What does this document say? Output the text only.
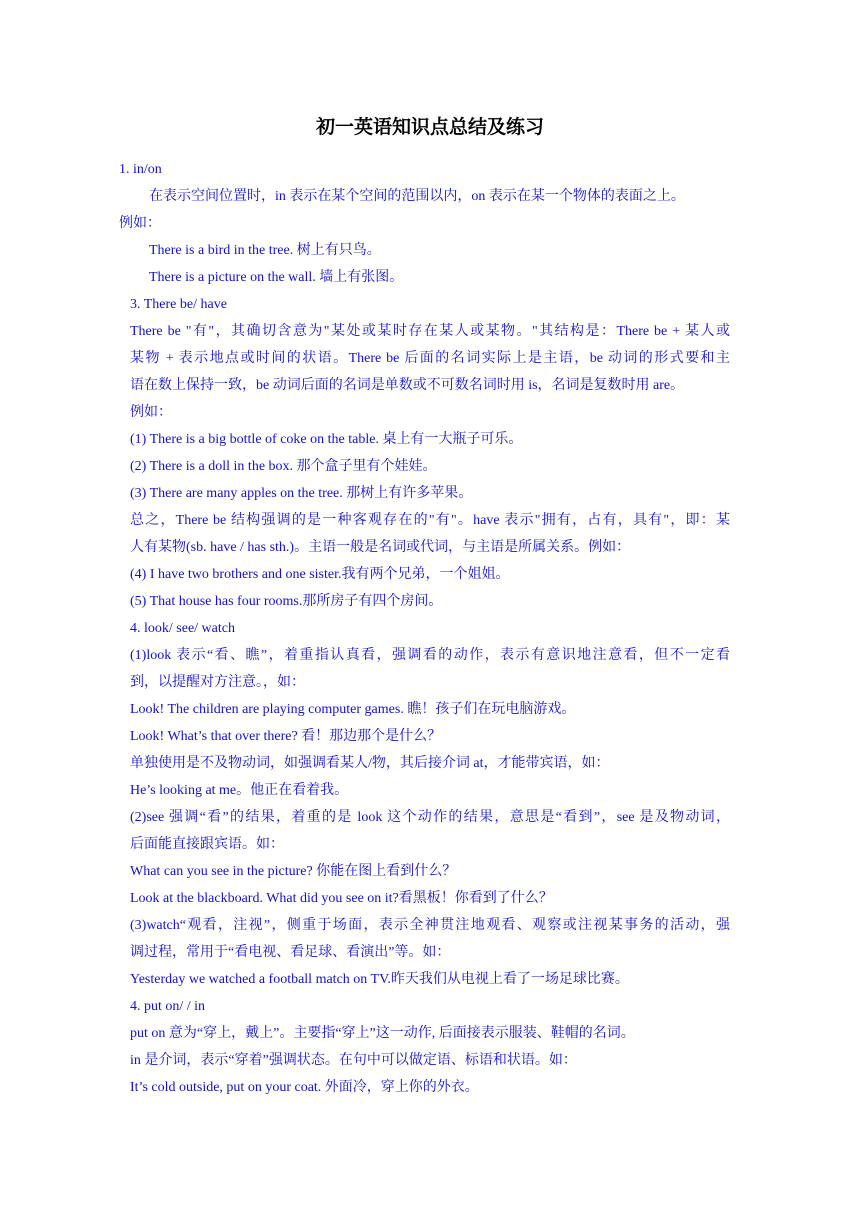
初一英语知识点总结及练习

1. in/on

在表示空间位置时，in 表示在某个空间的范围以内，on 表示在某一个物体的表面之上。

例如：

There is a bird in the tree. 树上有只鸟。

There is a picture on the wall. 墙上有张图。

3. There be/ have

There be "有"，其确切含意为"某处或某时存在某人或某物。"其结构是：There be + 某人或

某物 + 表示地点或时间的状语。There be 后面的名词实际上是主语，be 动词的形式要和主

语在数上保持一致，be 动词后面的名词是单数或不可数名词时用 is，名词是复数时用 are。

例如：

(1) There is a big bottle of coke on the table. 桌上有一大瓶子可乐。

(2) There is a doll in the box. 那个盒子里有个娃娃。

(3) There are many apples on the tree. 那树上有许多苹果。

总之，There be 结构强调的是一种客观存在的"有"。have 表示"拥有，占有，具有"，即：某

人有某物(sb. have / has sth.)。主语一般是名词或代词，与主语是所属关系。例如：

(4) I have two brothers and one sister.我有两个兄弟，一个姐姐。

(5) That house has four rooms.那所房子有四个房间。

4. look/ see/ watch

(1)look 表示“看、瞧”，着重指认真看，强调看的动作，表示有意识地注意看，但不一定看

到，以提醒对方注意。，如：

Look! The children are playing computer games. 瞧！孩子们在玩电脑游戏。

Look! What’s that over there? 看！那边那个是什么？

单独使用是不及物动词，如强调看某人/物，其后接介词 at，才能带宾语，如：

He’s looking at me。他正在看着我。

(2)see 强调“看”的结果，着重的是 look 这个动作的结果，意思是“看到”，see 是及物动词，

后面能直接跟宾语。如：

What can you see in the picture? 你能在图上看到什么？

Look at the blackboard. What did you see on it?看黑板！你看到了什么？

(3)watch“观看，注视”，侧重于场面，表示全神贯注地观看、观察或注视某事务的活动，强

调过程，常用于“看电视、看足球、看演出”等。如：

Yesterday we watched a football match on TV.昨天我们从电视上看了一场足球比赛。

4. put on/ / in

put on 意为“穿上，戴上”。主要指“穿上”这一动作, 后面接表示服装、鞋帽的名词。

in 是介词，表示“穿着”强调状态。在句中可以做定语、标语和状语。如：

It’s cold outside, put on your coat. 外面冷，穿上你的外衣。
